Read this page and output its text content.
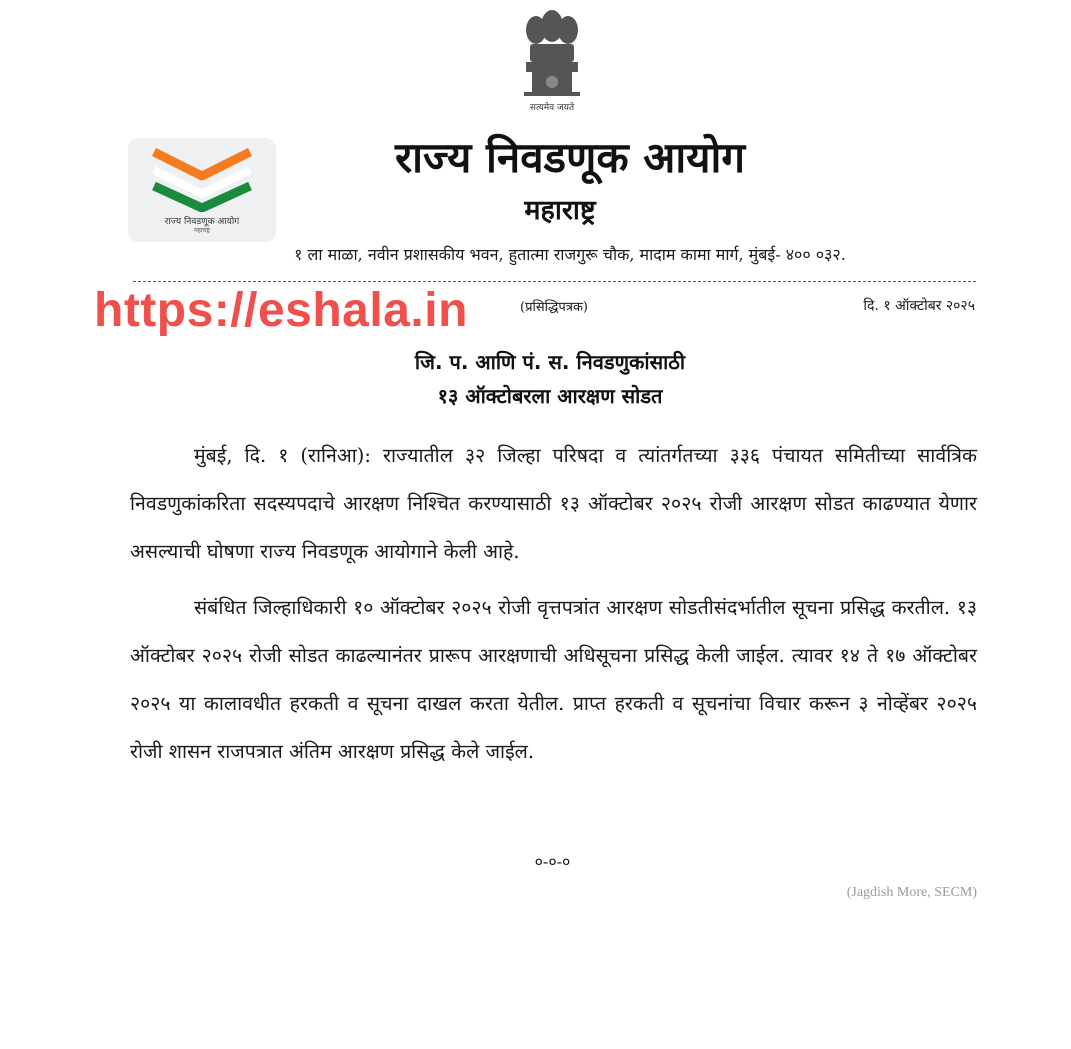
सत्यमेव जयते
राज्य निवडणूक आयोग
महाराष्ट्र
राज्य निवडणूक आयोग
महाराष्ट्र
१ ला माळा, नवीन प्रशासकीय भवन, हुतात्मा राजगुरू चौक, मादाम कामा मार्ग, मुंबई- ४०० ०३२.
https://eshala.in	(प्रसिद्धिपत्रक)	दि. १ ऑक्टोबर २०२५
जि. प. आणि पं. स. निवडणुकांसाठी
१३ ऑक्टोबरला आरक्षण सोडत

मुंबई, दि. १ (रानिआ): राज्यातील ३२ जिल्हा परिषदा व त्यांतर्गतच्या ३३६ पंचायत समितीच्या सार्वत्रिक निवडणुकांकरिता सदस्यपदाचे आरक्षण निश्चित करण्यासाठी १३ ऑक्टोबर २०२५ रोजी आरक्षण सोडत काढण्यात येणार असल्याची घोषणा राज्य निवडणूक आयोगाने केली आहे.

संबंधित जिल्हाधिकारी १० ऑक्टोबर २०२५ रोजी वृत्तपत्रांत आरक्षण सोडतीसंदर्भातील सूचना प्रसिद्ध करतील. १३ ऑक्टोबर २०२५ रोजी सोडत काढल्यानंतर प्रारूप आरक्षणाची अधिसूचना प्रसिद्ध केली जाईल. त्यावर १४ ते १७ ऑक्टोबर २०२५ या कालावधीत हरकती व सूचना दाखल करता येतील. प्राप्त हरकती व सूचनांचा विचार करून ३ नोव्हेंबर २०२५ रोजी शासन राजपत्रात अंतिम आरक्षण प्रसिद्ध केले जाईल.

०-०-०
(Jagdish More, SECM)
